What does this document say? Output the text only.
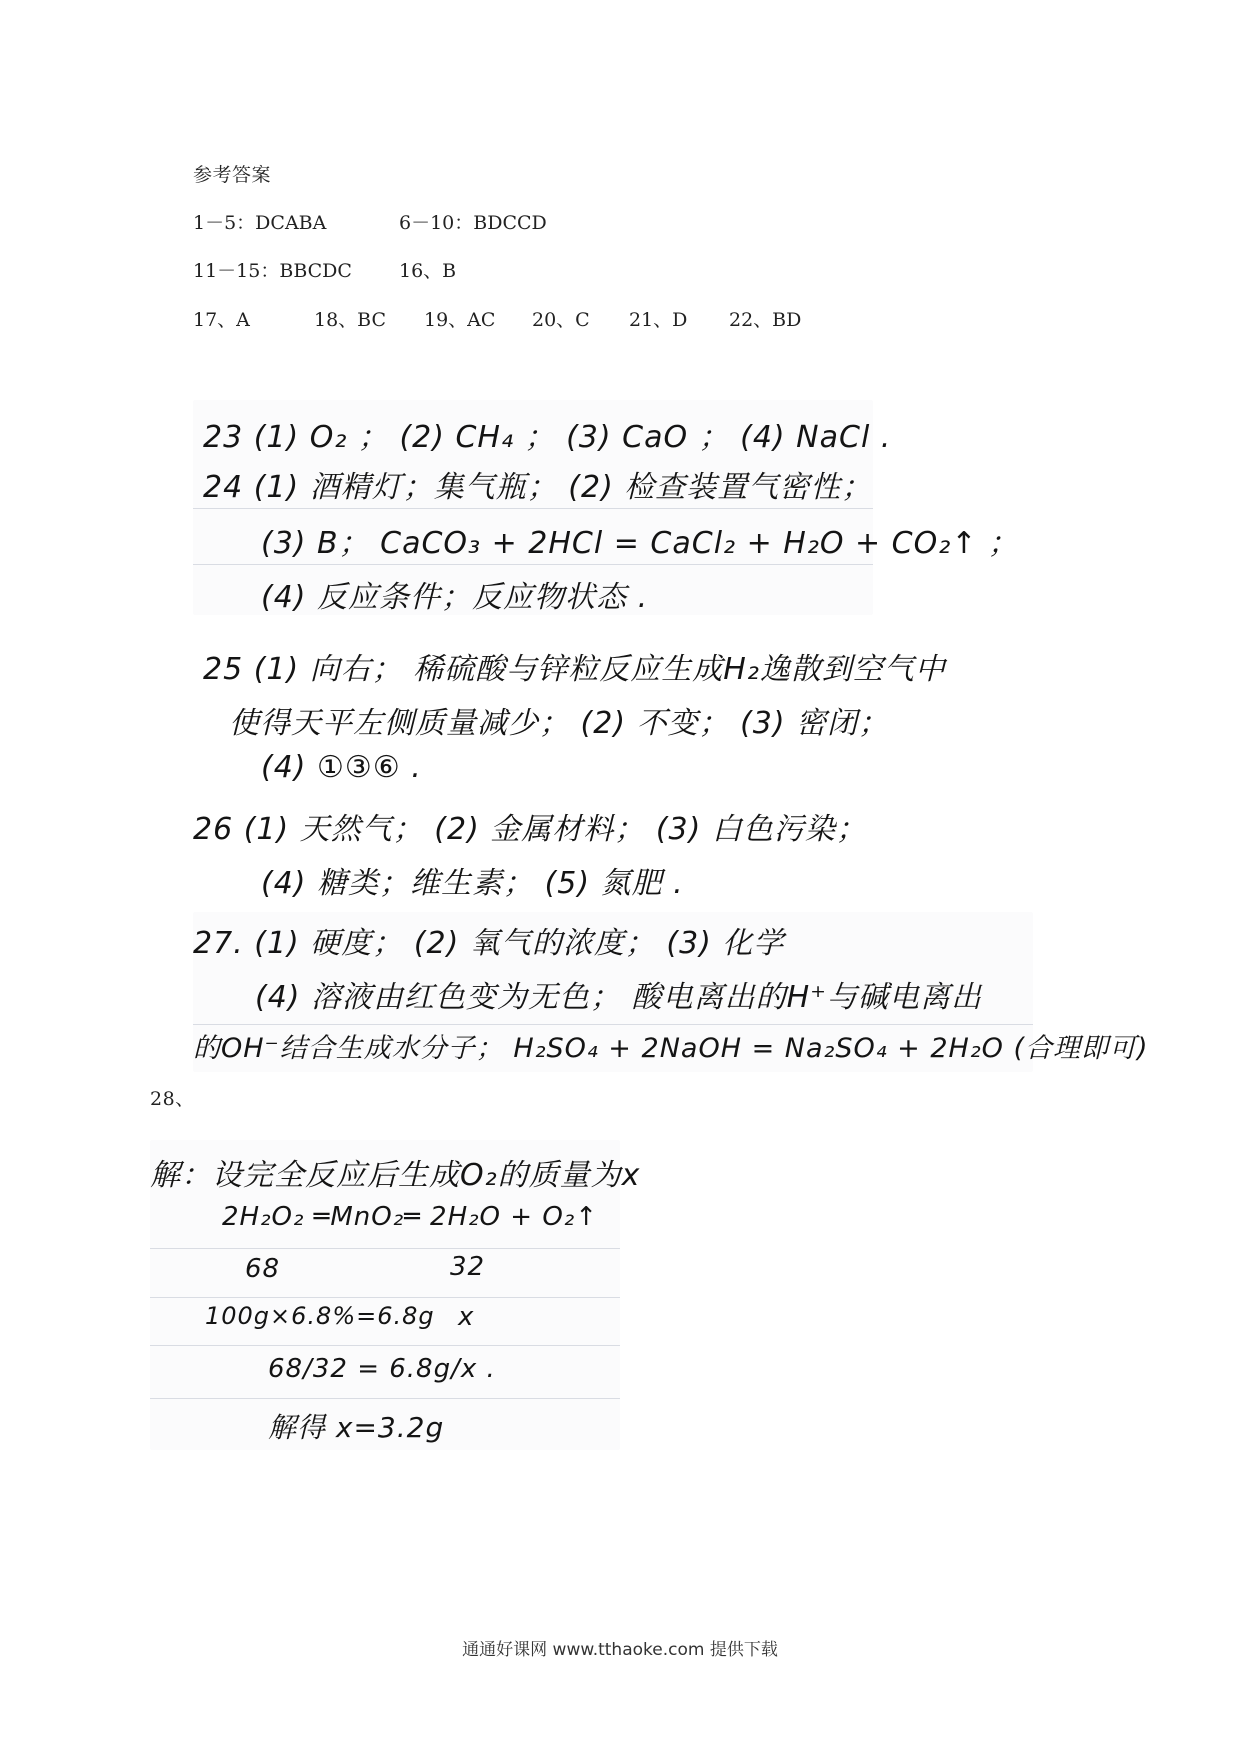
参考答案
1－5：DCABA	6－10：BDCCD
11－15：BBCDC 16、B
17、A	18、BC 19、AC 20、C 21、D 22、BD
23 (1) O₂ ； (2) CH₄ ； (3) CaO ； (4) NaCl .
24 (1) 酒精灯；集气瓶； (2) 检查装置气密性；
(3) B； CaCO₃ + 2HCl = CaCl₂ + H₂O + CO₂↑ ；
(4) 反应条件；反应物状态 .
25 (1) 向右； 稀硫酸与锌粒反应生成H₂逸散到空气中
使得天平左侧质量减少； (2) 不变； (3) 密闭；
(4) ①③⑥ .
26 (1) 天然气； (2) 金属材料； (3) 白色污染；
(4) 糖类；维生素； (5) 氮肥 .
27. (1) 硬度； (2) 氧气的浓度； (3) 化学
(4) 溶液由红色变为无色； 酸电离出的H⁺与碱电离出
的OH⁻结合生成水分子； H₂SO₄ + 2NaOH = Na₂SO₄ + 2H₂O (合理即可)
28、
解：设完全反应后生成O₂的质量为x
2H₂O₂ ═MnO₂═ 2H₂O + O₂↑
68	32
100g×6.8%=6.8g x
68/32 = 6.8g/x .
解得 x=3.2g
通通好课网 www.tthaoke.com 提供下载
